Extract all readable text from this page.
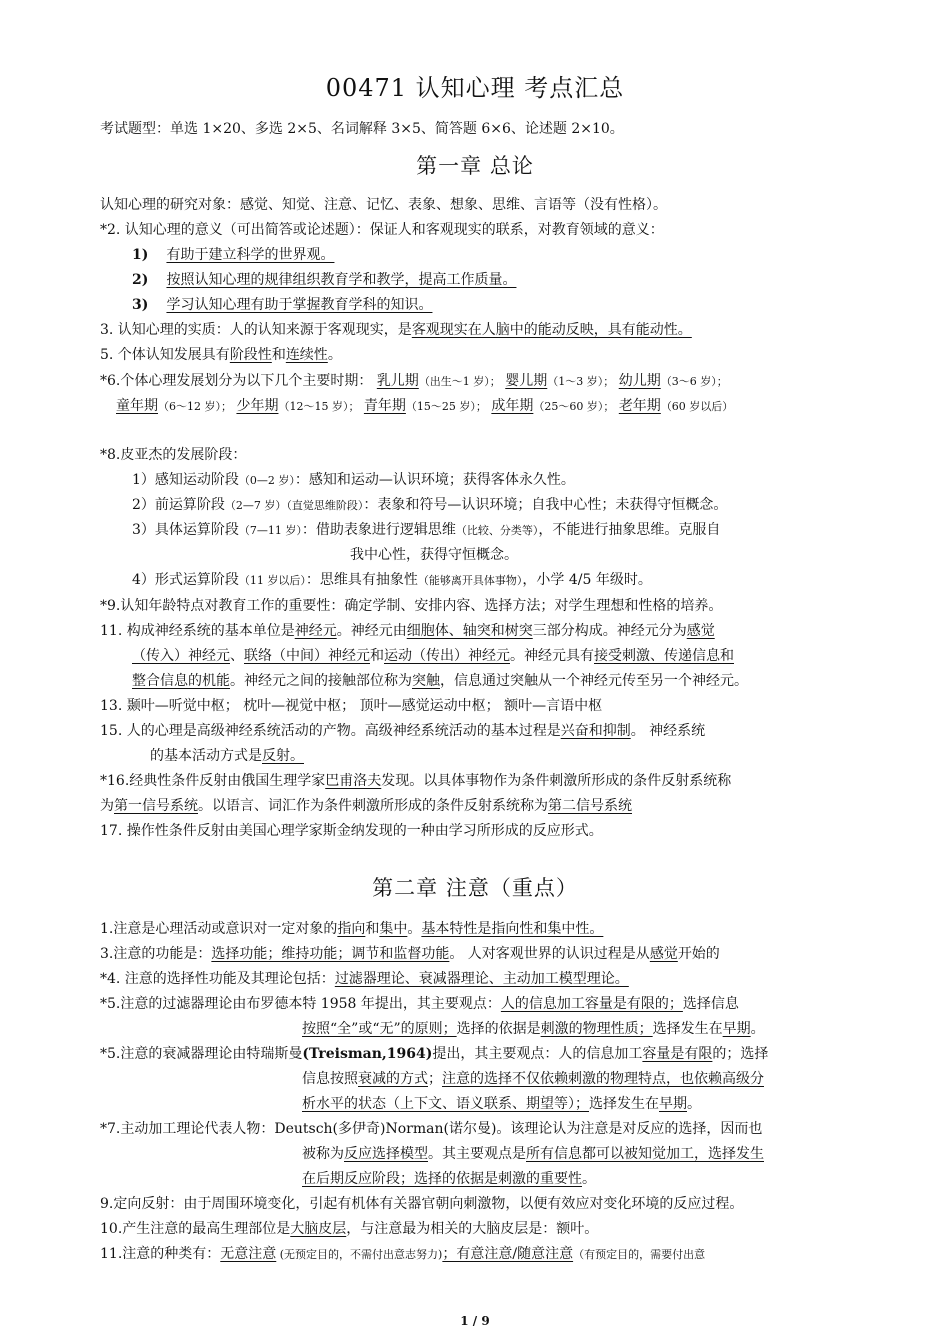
00471 认知心理 考点汇总
考试题型：单选 1×20、多选 2×5、名词解释 3×5、简答题 6×6、论述题 2×10。
第一章 总论
认知心理的研究对象：感觉、知觉、注意、记忆、表象、想象、思维、言语等（没有性格）。
*2. 认知心理的意义（可出简答或论述题）：保证人和客观现实的联系，对教育领域的意义：
1) 有助于建立科学的世界观。
2) 按照认知心理的规律组织教育学和教学，提高工作质量。
3) 学习认知心理有助于掌握教育学科的知识。
3. 认知心理的实质：人的认知来源于客观现实，是客观现实在人脑中的能动反映，具有能动性。
5. 个体认知发展具有阶段性和连续性。
*6.个体心理发展划分为以下几个主要时期： 乳儿期（出生～1 岁）； 婴儿期（1～3 岁）； 幼儿期（3～6 岁）；
童年期（6～12 岁）； 少年期（12～15 岁）； 青年期（15～25 岁）； 成年期（25～60 岁）； 老年期（60 岁以后）
*8.皮亚杰的发展阶段：
1）感知运动阶段（0—2 岁）：感知和运动—认识环境；获得客体永久性。
2）前运算阶段（2—7 岁）（直觉思维阶段）：表象和符号—认识环境；自我中心性；未获得守恒概念。
3）具体运算阶段（7—11 岁）：借助表象进行逻辑思维（比较、分类等），不能进行抽象思维。克服自
我中心性，获得守恒概念。
4）形式运算阶段（11 岁以后）：思维具有抽象性（能够离开具体事物），小学 4/5 年级时。
*9.认知年龄特点对教育工作的重要性：确定学制、安排内容、选择方法；对学生理想和性格的培养。
11. 构成神经系统的基本单位是神经元。神经元由细胞体、轴突和树突三部分构成。神经元分为感觉
（传入）神经元、联络（中间）神经元和运动（传出）神经元。神经元具有接受刺激、传递信息和
整合信息的机能。神经元之间的接触部位称为突触，信息通过突触从一个神经元传至另一个神经元。
13. 颞叶—听觉中枢； 枕叶—视觉中枢； 顶叶—感觉运动中枢； 额叶—言语中枢
15. 人的心理是高级神经系统活动的产物。高级神经系统活动的基本过程是兴奋和抑制。 神经系统
的基本活动方式是反射。
*16.经典性条件反射由俄国生理学家巴甫洛夫发现。以具体事物作为条件刺激所形成的条件反射系统称
为第一信号系统。以语言、词汇作为条件刺激所形成的条件反射系统称为第二信号系统
17. 操作性条件反射由美国心理学家斯金纳发现的一种由学习所形成的反应形式。
第二章 注意（重点）
1.注意是心理活动或意识对一定对象的指向和集中。基本特性是指向性和集中性。
3.注意的功能是：选择功能；维持功能；调节和监督功能。 人对客观世界的认识过程是从感觉开始的
*4. 注意的选择性功能及其理论包括：过滤器理论、衰减器理论、主动加工模型理论。
*5.注意的过滤器理论由布罗德本特 1958 年提出，其主要观点：人的信息加工容量是有限的；选择信息
按照“全”或“无”的原则；选择的依据是刺激的物理性质；选择发生在早期。
*5.注意的衰减器理论由特瑞斯曼(Treisman,1964)提出，其主要观点：人的信息加工容量是有限的；选择
信息按照衰减的方式；注意的选择不仅依赖刺激的物理特点，也依赖高级分
析水平的状态（上下文、语义联系、期望等）；选择发生在早期。
*7.主动加工理论代表人物：Deutsch(多伊奇)Norman(诺尔曼)。该理论认为注意是对反应的选择，因而也
被称为反应选择模型。其主要观点是所有信息都可以被知觉加工，选择发生
在后期反应阶段；选择的依据是刺激的重要性。
9.定向反射：由于周围环境变化，引起有机体有关器官朝向刺激物，以便有效应对变化环境的反应过程。
10.产生注意的最高生理部位是大脑皮层，与注意最为相关的大脑皮层是：额叶。
11.注意的种类有：无意注意 (无预定目的，不需付出意志努力)；有意注意/随意注意（有预定目的，需要付出意
1 / 9
